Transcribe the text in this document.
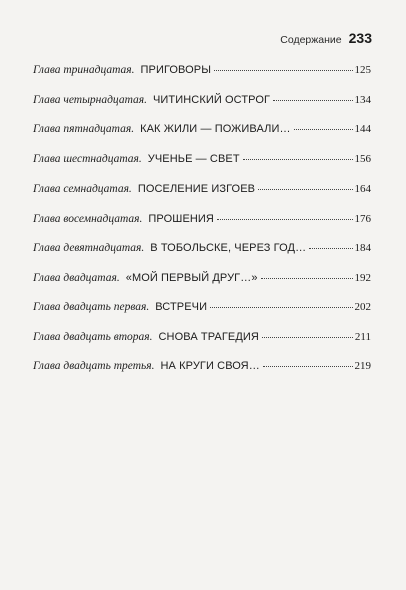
Содержание 233
Глава тринадцатая. ПРИГОВОРЫ	125
Глава четырнадцатая. ЧИТИНСКИЙ ОСТРОГ	134
Глава пятнадцатая. КАК ЖИЛИ — ПОЖИВАЛИ…	144
Глава шестнадцатая. УЧЕНЬЕ — СВЕТ	156
Глава семнадцатая. ПОСЕЛЕНИЕ ИЗГОЕВ	164
Глава восемнадцатая. ПРОШЕНИЯ	176
Глава девятнадцатая. В ТОБОЛЬСКЕ, ЧЕРЕЗ ГОД…	184
Глава двадцатая. «МОЙ ПЕРВЫЙ ДРУГ…»	192
Глава двадцать первая. ВСТРЕЧИ	202
Глава двадцать вторая. СНОВА ТРАГЕДИЯ	211
Глава двадцать третья. НА КРУГИ СВОЯ…	219
